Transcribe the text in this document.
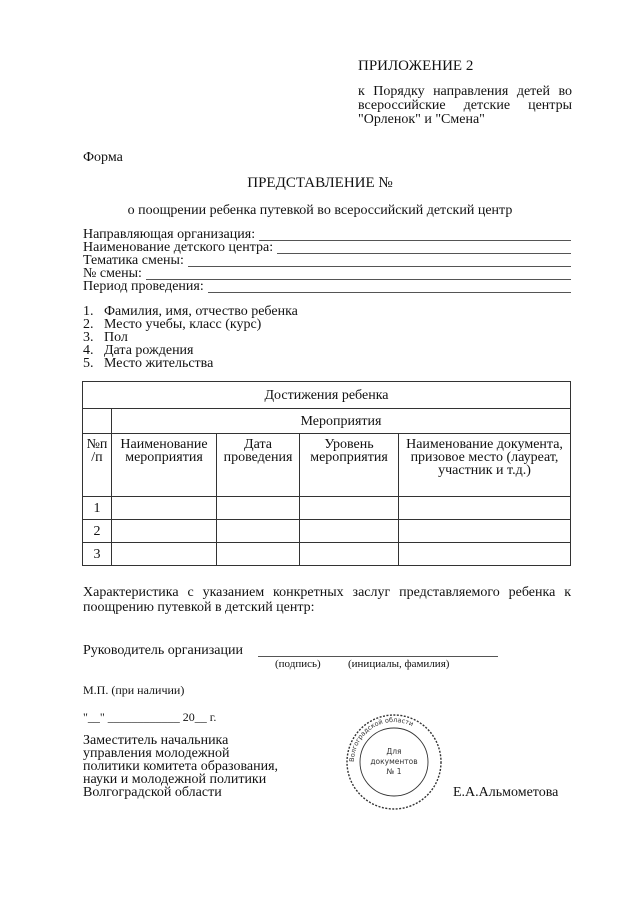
ПРИЛОЖЕНИЕ 2
к Порядку направления детей во всероссийские детские центры "Орленок" и "Смена"
Форма
ПРЕДСТАВЛЕНИЕ №
о поощрении ребенка путевкой во всероссийский детский центр
Направляющая организация:
Наименование детского центра:
Тематика смены:
№ смены:
Период проведения:
1. Фамилия, имя, отчество ребенка
2. Место учебы, класс (курс)
3. Пол
4. Дата рождения
5. Место жительства
Достижения ребенка				
	Мероприятия			
№п /п	Наименование мероприятия	Дата проведения	Уровень мероприятия	Наименование документа, призовое место (лауреат, участник и т.д.)
1				
2				
3				
Характеристика с указанием конкретных заслуг представляемого ребенка к поощрению путевкой в детский центр:
Руководитель организации
(подпись) (инициалы, фамилия)
М.П. (при наличии)
"__" ____________ 20__ г.
Заместитель начальника
управления молодежной
политики комитета образования,
науки и молодежной политики
Волгоградской области	Е.А.Альмометова
Волгоградской области
Для
документов
№ 1
